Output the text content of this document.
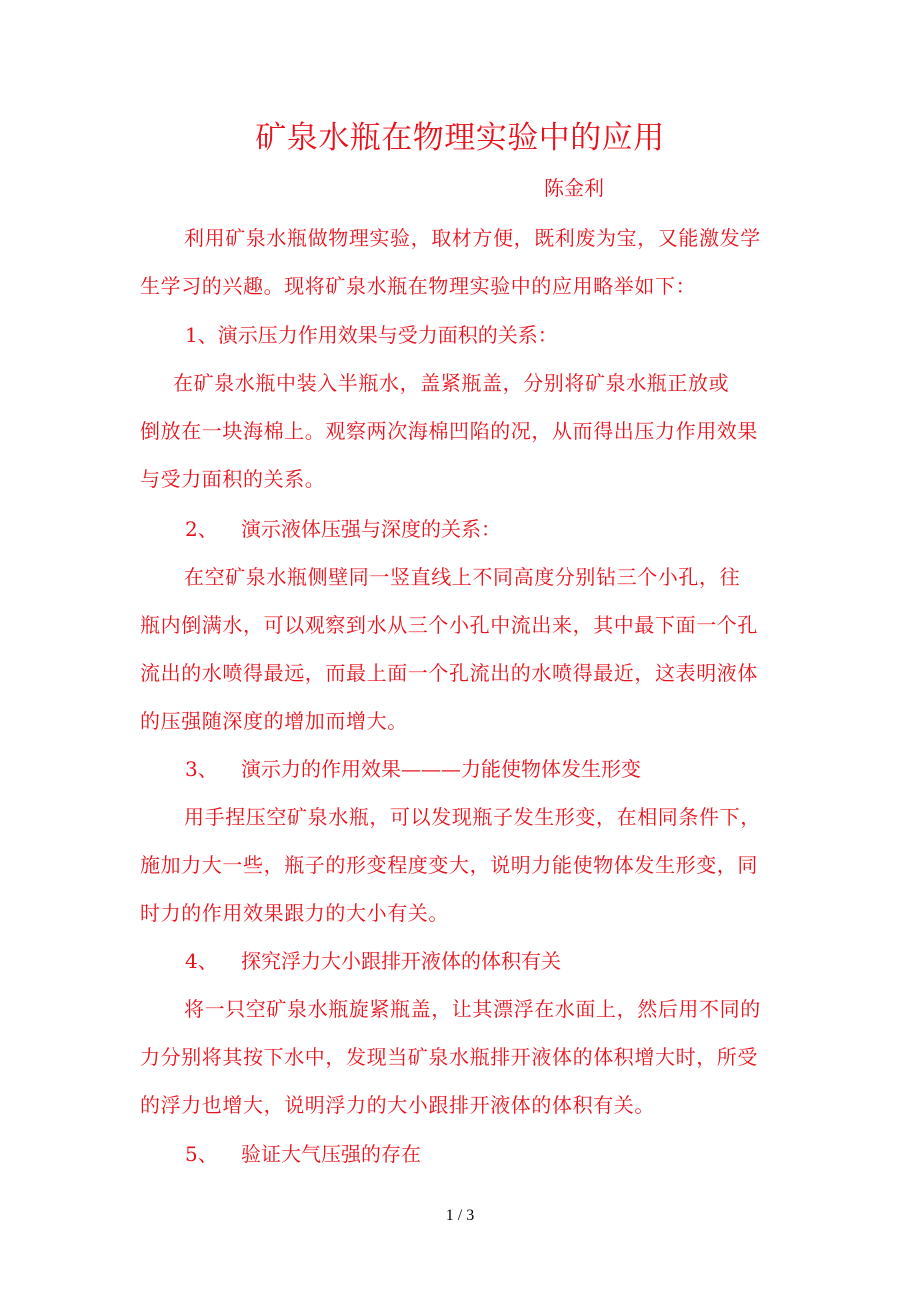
矿泉水瓶在物理实验中的应用
陈金利
利用矿泉水瓶做物理实验，取材方便，既利废为宝，又能激发学
生学习的兴趣。现将矿泉水瓶在物理实验中的应用略举如下：
1、演示压力作用效果与受力面积的关系：
在矿泉水瓶中装入半瓶水，盖紧瓶盖，分别将矿泉水瓶正放或
倒放在一块海棉上。观察两次海棉凹陷的况，从而得出压力作用效果
与受力面积的关系。
2、 演示液体压强与深度的关系：
在空矿泉水瓶侧壁同一竖直线上不同高度分别钻三个小孔，往
瓶内倒满水，可以观察到水从三个小孔中流出来，其中最下面一个孔
流出的水喷得最远，而最上面一个孔流出的水喷得最近，这表明液体
的压强随深度的增加而增大。
3、 演示力的作用效果———力能使物体发生形变
用手捏压空矿泉水瓶，可以发现瓶子发生形变，在相同条件下，
施加力大一些，瓶子的形变程度变大，说明力能使物体发生形变，同
时力的作用效果跟力的大小有关。
4、 探究浮力大小跟排开液体的体积有关
将一只空矿泉水瓶旋紧瓶盖，让其漂浮在水面上，然后用不同的
力分别将其按下水中，发现当矿泉水瓶排开液体的体积增大时，所受
的浮力也增大，说明浮力的大小跟排开液体的体积有关。
5、 验证大气压强的存在
1 / 3
